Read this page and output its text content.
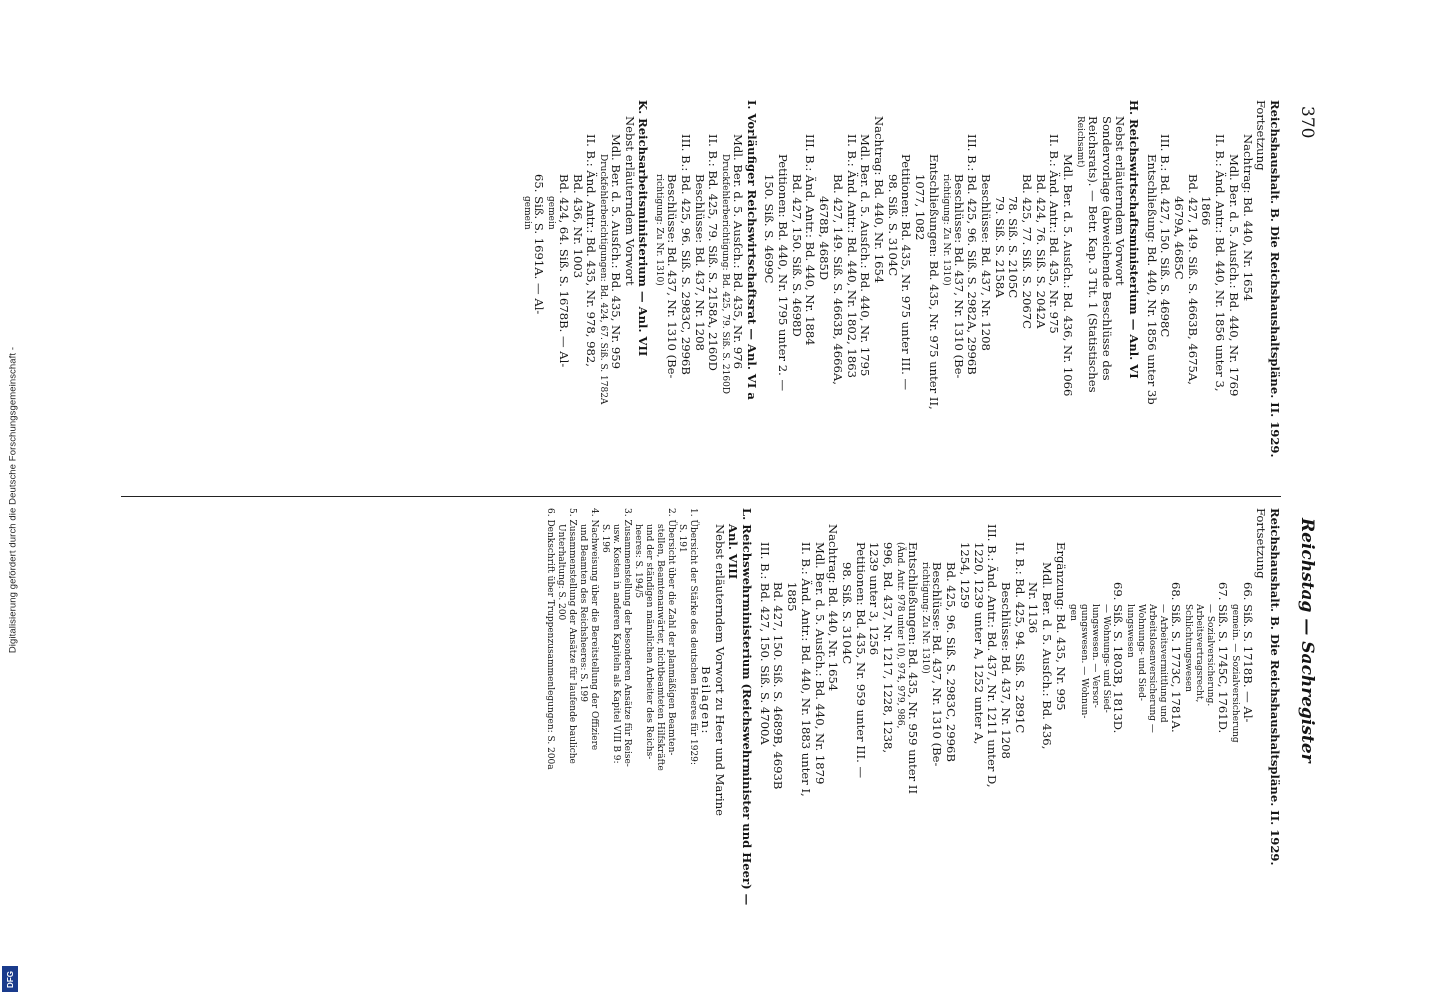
Digitalisierung gefördert durch die Deutsche Forschungsgemeinschaft -
DFG
370
Reichstag — Sachregister
Reichshaushalt. B. Die Reichshaushaltspläne. II. 1929.
Fortsetzung
Nachtrag: Bd. 440, Nr. 1654
Mdl. Ber. d. 5. Ausſch.: Bd. 440, Nr. 1769
II. B.: Änd. Antr.: Bd. 440, Nr. 1856 unter 3,
1866
Bd. 427, 149. Siß. S. 4663B, 4675A,
4679A, 4685C
III. B.: Bd. 427, 150. Siß. S. 4698C
Entschließung: Bd. 440, Nr. 1856 unter 3b
H. Reichswirtschaftsministerium — Anl. VI
Nebst erläuterndem Vorwort
Sondervorlage (abweichende Beschlüsse des
Reichsrats). — Betr. Kap. 3 Tit. 1 (Statistisches
Reichsamt)
Mdl. Ber. d. 5. Ausſch.: Bd. 436, Nr. 1066
II. B.: Änd. Antr.: Bd. 435, Nr. 975
Bd. 424, 76. Siß. S. 2042A
Bd. 425, 77. Siß. S. 2067C
78. Siß. S. 2105C
79. Siß. S. 2158A
Beschlüsse: Bd. 437, Nr. 1208
III. B.: Bd. 425, 96. Siß. S. 2982A, 2996B
Beschlüsse: Bd. 437, Nr. 1310 (Be-
richtigung: Zu Nr. 1310)
Entschließungen: Bd. 435, Nr. 975 unter II,
1077, 1082
Petitionen: Bd. 435, Nr. 975 unter III. —
98. Siß. S. 3104C
Nachtrag: Bd. 440, Nr. 1654
Mdl. Ber. d. 5. Ausſch.: Bd. 440, Nr. 1795
II. B.: Änd. Antr.: Bd. 440, Nr. 1802, 1863
Bd. 427, 149. Siß. S. 4663B, 4666A,
4678B, 4685D
III. B.: Änd. Antr.: Bd. 440, Nr. 1884
Bd. 427, 150. Siß. S. 4698D
Petitionen: Bd. 440, Nr. 1795 unter 2. —
150. Siß. S. 4699C
I. Vorläufiger Reichswirtschaftsrat — Anl. VI a
Mdl. Ber. d. 5. Ausſch.: Bd. 435, Nr. 976
Druckfehlerberichtigung: Bd. 425, 79. Siß. S. 2160D
II. B.: Bd. 425, 79. Siß. S. 2158A, 2160D
Beschlüsse: Bd. 437, Nr. 1208
III. B.: Bd. 425, 96. Siß. S. 2983C, 2996B
Beschlüsse: Bd. 437, Nr. 1310 (Be-
richtigung: Zu Nr. 1310)
K. Reichsarbeitsministerium — Anl. VII
Nebst erläuterndem Vorwort
Mdl. Ber. d. 5. Ausſch.: Bd. 435, Nr. 959
Druckfehlerberichtigungen: Bd. 424, 67. Siß. S. 1782A
II. B.: Änd. Antr.: Bd. 435, Nr. 978, 982,
Bd. 436, Nr. 1003
Bd. 424, 64. Siß. S. 1678B. — Al-
gemein
65. Siß. S. 1691A. — Al-
gemein
Reichshaushalt. B. Die Reichshaushaltspläne. II. 1929.
Fortsetzung
66. Siß. S. 1718B. — Al-
gemein. — Sozialversicherung
67. Siß. S. 1745C, 1761D.
— Sozialversicherung.
Arbeitsvertragsrecht,
Schlichtungswesen
68. Siß. S. 1773C, 1781A.
— Arbeitsvermittlung und
Arbeitslosenversicherung —
Wohnungs- und Sied-
lungswesen
69. Siß. S. 1803B, 1813D.
— Wohnungs- und Sied-
lungswesen. — Versor-
gungswesen. — Wohnun-
gen
Ergänzung: Bd. 435, Nr. 995
Mdl. Ber. d. 5. Ausſch.: Bd. 436,
Nr. 1136
II. B.: Bd. 425, 94. Siß. S. 2891C
Beschlüsse: Bd. 437, Nr. 1208
III. B.: Änd. Antr.: Bd. 437, Nr. 1211 unter D,
1220, 1239 unter A, 1252 unter A,
1254, 1259
Bd. 425, 96. Siß. S. 2983C, 2996B
Beschlüsse: Bd. 437, Nr. 1310 (Be-
richtigung: Zu Nr. 1310)
Entschließungen: Bd. 435, Nr. 959 unter II
(Änd. Antr. 978 unter 10), 974, 979, 986,
996, Bd. 437, Nr. 1217, 1228, 1238,
1239 unter 3, 1256
Petitionen: Bd. 435, Nr. 959 unter III. —
98. Siß. S. 3104C
Nachtrag: Bd. 440, Nr. 1654
Mdl. Ber. d. 5. Ausſch.: Bd. 440, Nr. 1879
II. B.: Änd. Antr.: Bd. 440, Nr. 1883 unter I,
1885
Bd. 427, 150. Siß. S. 4689B, 4693B
III. B.: Bd. 427, 150. Siß. S. 4700A
L. Reichswehrministerium (Reichswehrminister und Heer) —
Anl. VIII
Nebst erläuterndem Vorwort zu Heer und Marine
Beilagen:
1. Übersicht der Stärke des deutschen Heeres für 1929:
S. 191
2. Übersicht über die Zahl der planmäßigen Beamten-
stellen, Beamtenanwärter, nichtbeamteten Hilfskräfte
und der ständigen männlichen Arbeiter des Reichs-
heeres: S. 194/5
3. Zusammenstellung der besonderen Ansätze für Reise-
usw. Kosten in anderen Kapiteln als Kapitel VIII B 9:
S. 196
4. Nachweisung über die Bereitstellung der Offiziere
und Beamten des Reichsheeres: S. 199
5. Zusammenstellung der Ansätze für laufende bauliche
Unterhaltung: S. 200
6. Denkschrift über Truppenzusammenlegungen: S. 200a
